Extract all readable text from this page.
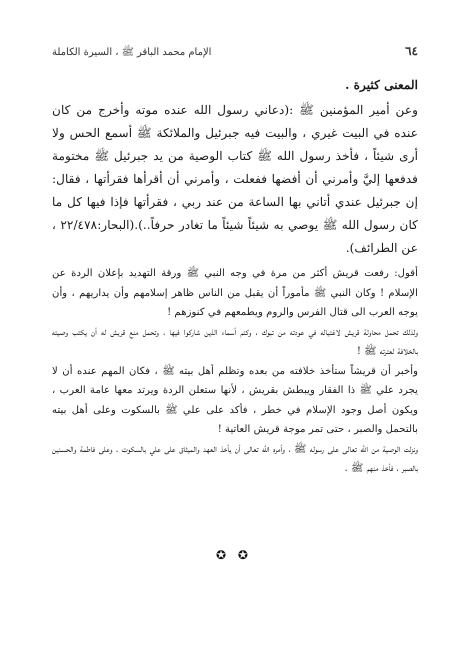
٦٤
الإمام محمد الباقر ﷺ ، السيرة الكاملة

المعنى كثيرة .

وعن أمير المؤمنين ﷺ :(دعاني رسول الله عنده موته وأخرج من كان عنده في البيت غيري ، والبيت فيه جبرئيل والملائكة ﷺ أسمع الحس ولا أرى شيئاً ، فأخذ رسول الله ﷺ كتاب الوصية من يد جبرئيل ﷺ مختومة فدفعها إليَّ وأمرني أن أفضها ففعلت ، وأمرني أن أقرأها فقرأتها ، فقال: إن جبرئيل عندي أتاني بها الساعة من عند ربي ، فقرأتها فإذا فيها كل ما كان رسول الله ﷺ يوصي به شيئاً شيئاً ما تغادر حرفاً..).(البحار:٢٢/٤٧٨ ، عن الطرائف).

أقول: رفعت قريش أكثر من مرة في وجه النبي ﷺ ورقة التهديد بإعلان الردة عن الإسلام ! وكان النبي ﷺ مأموراً أن يقبل من الناس ظاهر إسلامهم وأن يداريهم ، وأن يوجه العرب الى قتال الفرس والروم ويطمعهم في كنوزهم !

ولذلك تحمل محاولة قريش لاغتياله في عودته من تبوك ، وكتم أسماء الذين شاركوا فيها ، وتحمل منع قريش له أن يكتب وصيته بالخلافة لعترته ﷺ !

وأخبر أن قريشاً ستأخذ خلافته من بعده وتظلم أهل بيته ﷺ ، فكان المهم عنده أن لا يجرد علي ﷺ ذا الفقار ويبطش بقريش ، لأنها ستعلن الردة ويرتد معها عامة العرب ، ويكون أصل وجود الإسلام في خطر ، فأكد على علي ﷺ بالسكوت وعلى أهل بيته بالتحمل والصبر ، حتى تمر موجة قريش العاتية !

ونزلت الوصية من الله تعالى على رسوله ﷺ ، وأمره الله تعالى أن يأخذ العهد والميثاق على علي بالسكوت ، وعلى فاطمة والحسنين بالصبر ، فأخذ منهم ﷺ .

✪ ✪
